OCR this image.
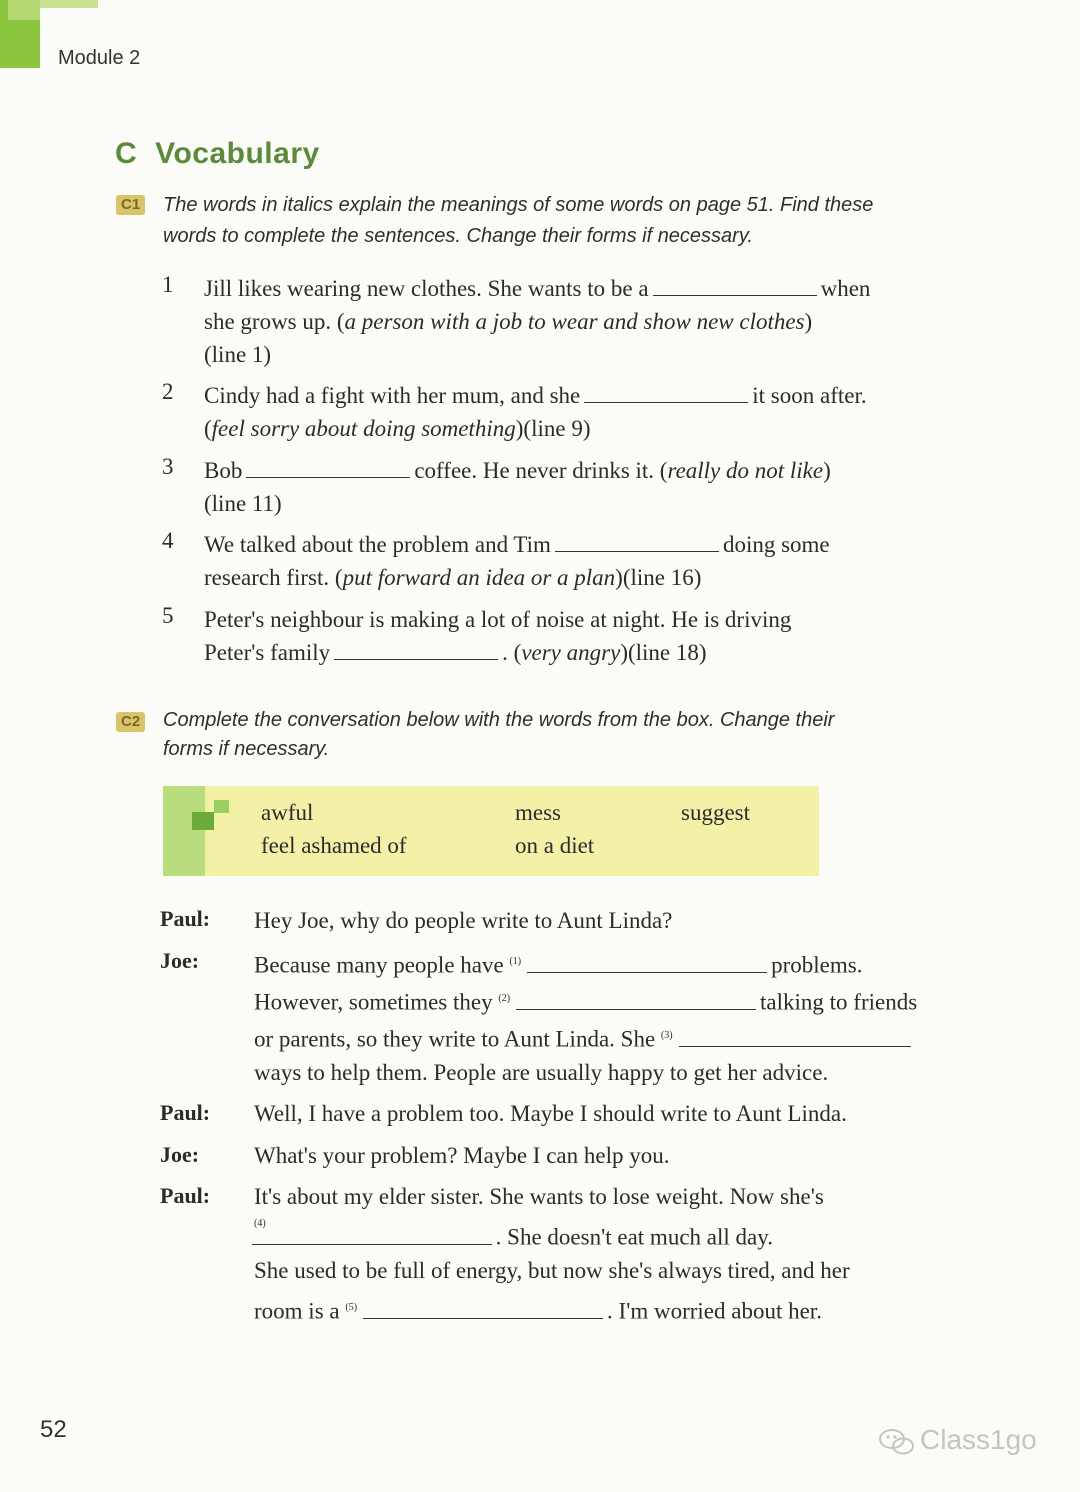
Module 2
C Vocabulary
C1 The words in italics explain the meanings of some words on page 51. Find these
words to complete the sentences. Change their forms if necessary.
1	Jill likes wearing new clothes. She wants to be a	when
she grows up. (a person with a job to wear and show new clothes)
(line 1)
2	Cindy had a fight with her mum, and she	it soon after.
(feel sorry about doing something)(line 9)
3	Bob	coffee. He never drinks it. (really do not like)
(line 11)
4	We talked about the problem and Tim	doing some
research first. (put forward an idea or a plan)(line 16)
5	Peter's neighbour is making a lot of noise at night. He is driving
Peter's family	. (very angry)(line 18)
C2 Complete the conversation below with the words from the box. Change their
forms if necessary.
awful	mess	suggest
feel ashamed of	on a diet
Paul:	Hey Joe, why do people write to Aunt Linda?
Joe:	Because many people have $^{(1)}$	problems.
However, sometimes they $^{(2)}$	talking to friends
or parents, so they write to Aunt Linda. She $^{(3)}$
ways to help them. People are usually happy to get her advice.
Paul:	Well, I have a problem too. Maybe I should write to Aunt Linda.
Joe:	What's your problem? Maybe I can help you.
Paul:	It's about my elder sister. She wants to lose weight. Now she's
$^{(4)}$. She doesn't eat much all day.
She used to be full of energy, but now she's always tired, and her
room is a $^{(5)}$	. I'm worried about her.
52	Class1go
